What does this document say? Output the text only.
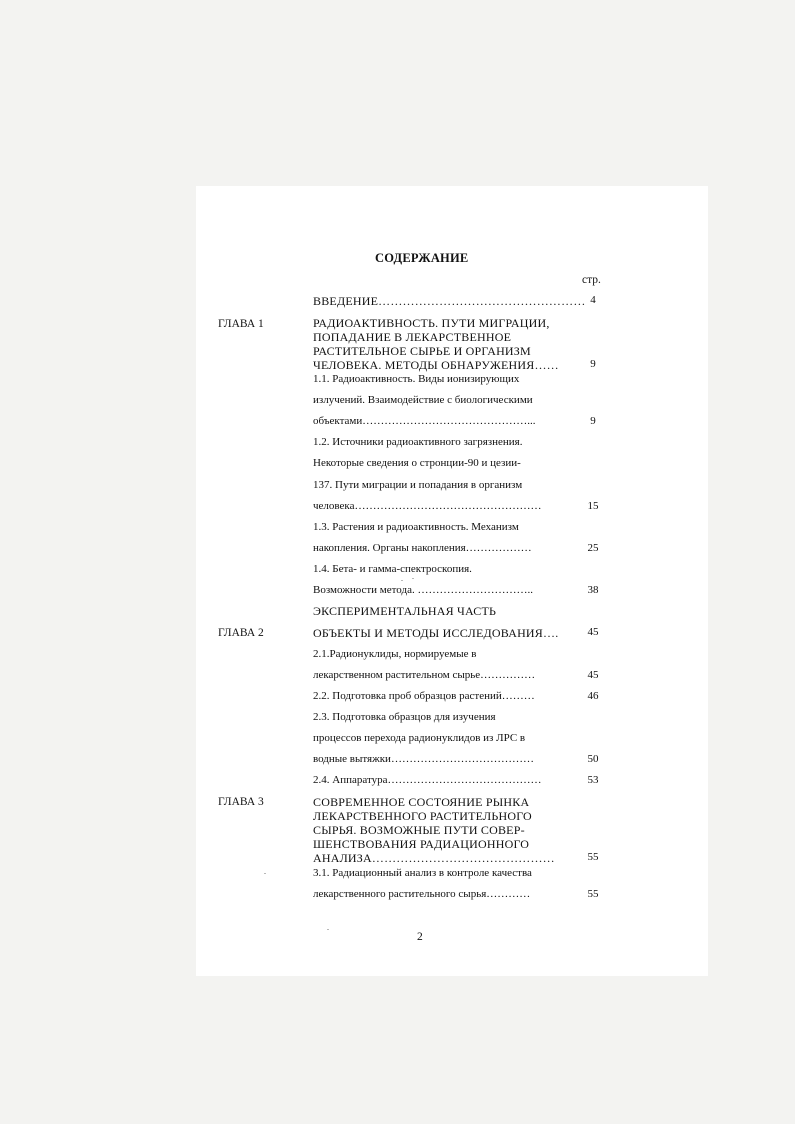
СОДЕРЖАНИЕ
стр.
ВВЕДЕНИЕ…………………………………………… 4
ГЛАВА 1	РАДИОАКТИВНОСТЬ. ПУТИ МИГРАЦИИ,
ПОПАДАНИЕ В ЛЕКАРСТВЕННОЕ
РАСТИТЕЛЬНОЕ СЫРЬЕ И ОРГАНИЗМ
ЧЕЛОВЕКА. МЕТОДЫ ОБНАРУЖЕНИЯ……	9
1.1. Радиоактивность. Виды ионизирующих
излучений. Взаимодействие с биологическими
объектами………………………………………...	9
1.2. Источники радиоактивного загрязнения.
Некоторые сведения о стронции-90 и цезии-
137. Пути миграции и попадания в организм
человека……………………………………………	15
1.3. Растения и радиоактивность. Механизм
накопления. Органы накопления………………	25
1.4. Бета- и гамма-спектроскопия.
Возможности метода. …………………………..	38
ЭКСПЕРИМЕНТАЛЬНАЯ ЧАСТЬ
ГЛАВА 2	ОБЪЕКТЫ И МЕТОДЫ ИССЛЕДОВАНИЯ….	45
2.1.Радионуклиды, нормируемые в
лекарственном растительном сырье……………	45
2.2. Подготовка проб образцов растений………	46
2.3. Подготовка образцов для изучения
процессов перехода радионуклидов из ЛРС в
водные вытяжки…………………………………	50
2.4. Аппаратура……………………………………	53
ГЛАВА 3	СОВРЕМЕННОЕ СОСТОЯНИЕ РЫНКА
ЛЕКАРСТВЕННОГО РАСТИТЕЛЬНОГО
СЫРЬЯ. ВОЗМОЖНЫЕ ПУТИ СОВЕР-
ШЕНСТВОВАНИЯ РАДИАЦИОННОГО
АНАЛИЗА………………………………………	55
3.1. Радиационный анализ в контроле качества
лекарственного растительного сырья…………	55
2
